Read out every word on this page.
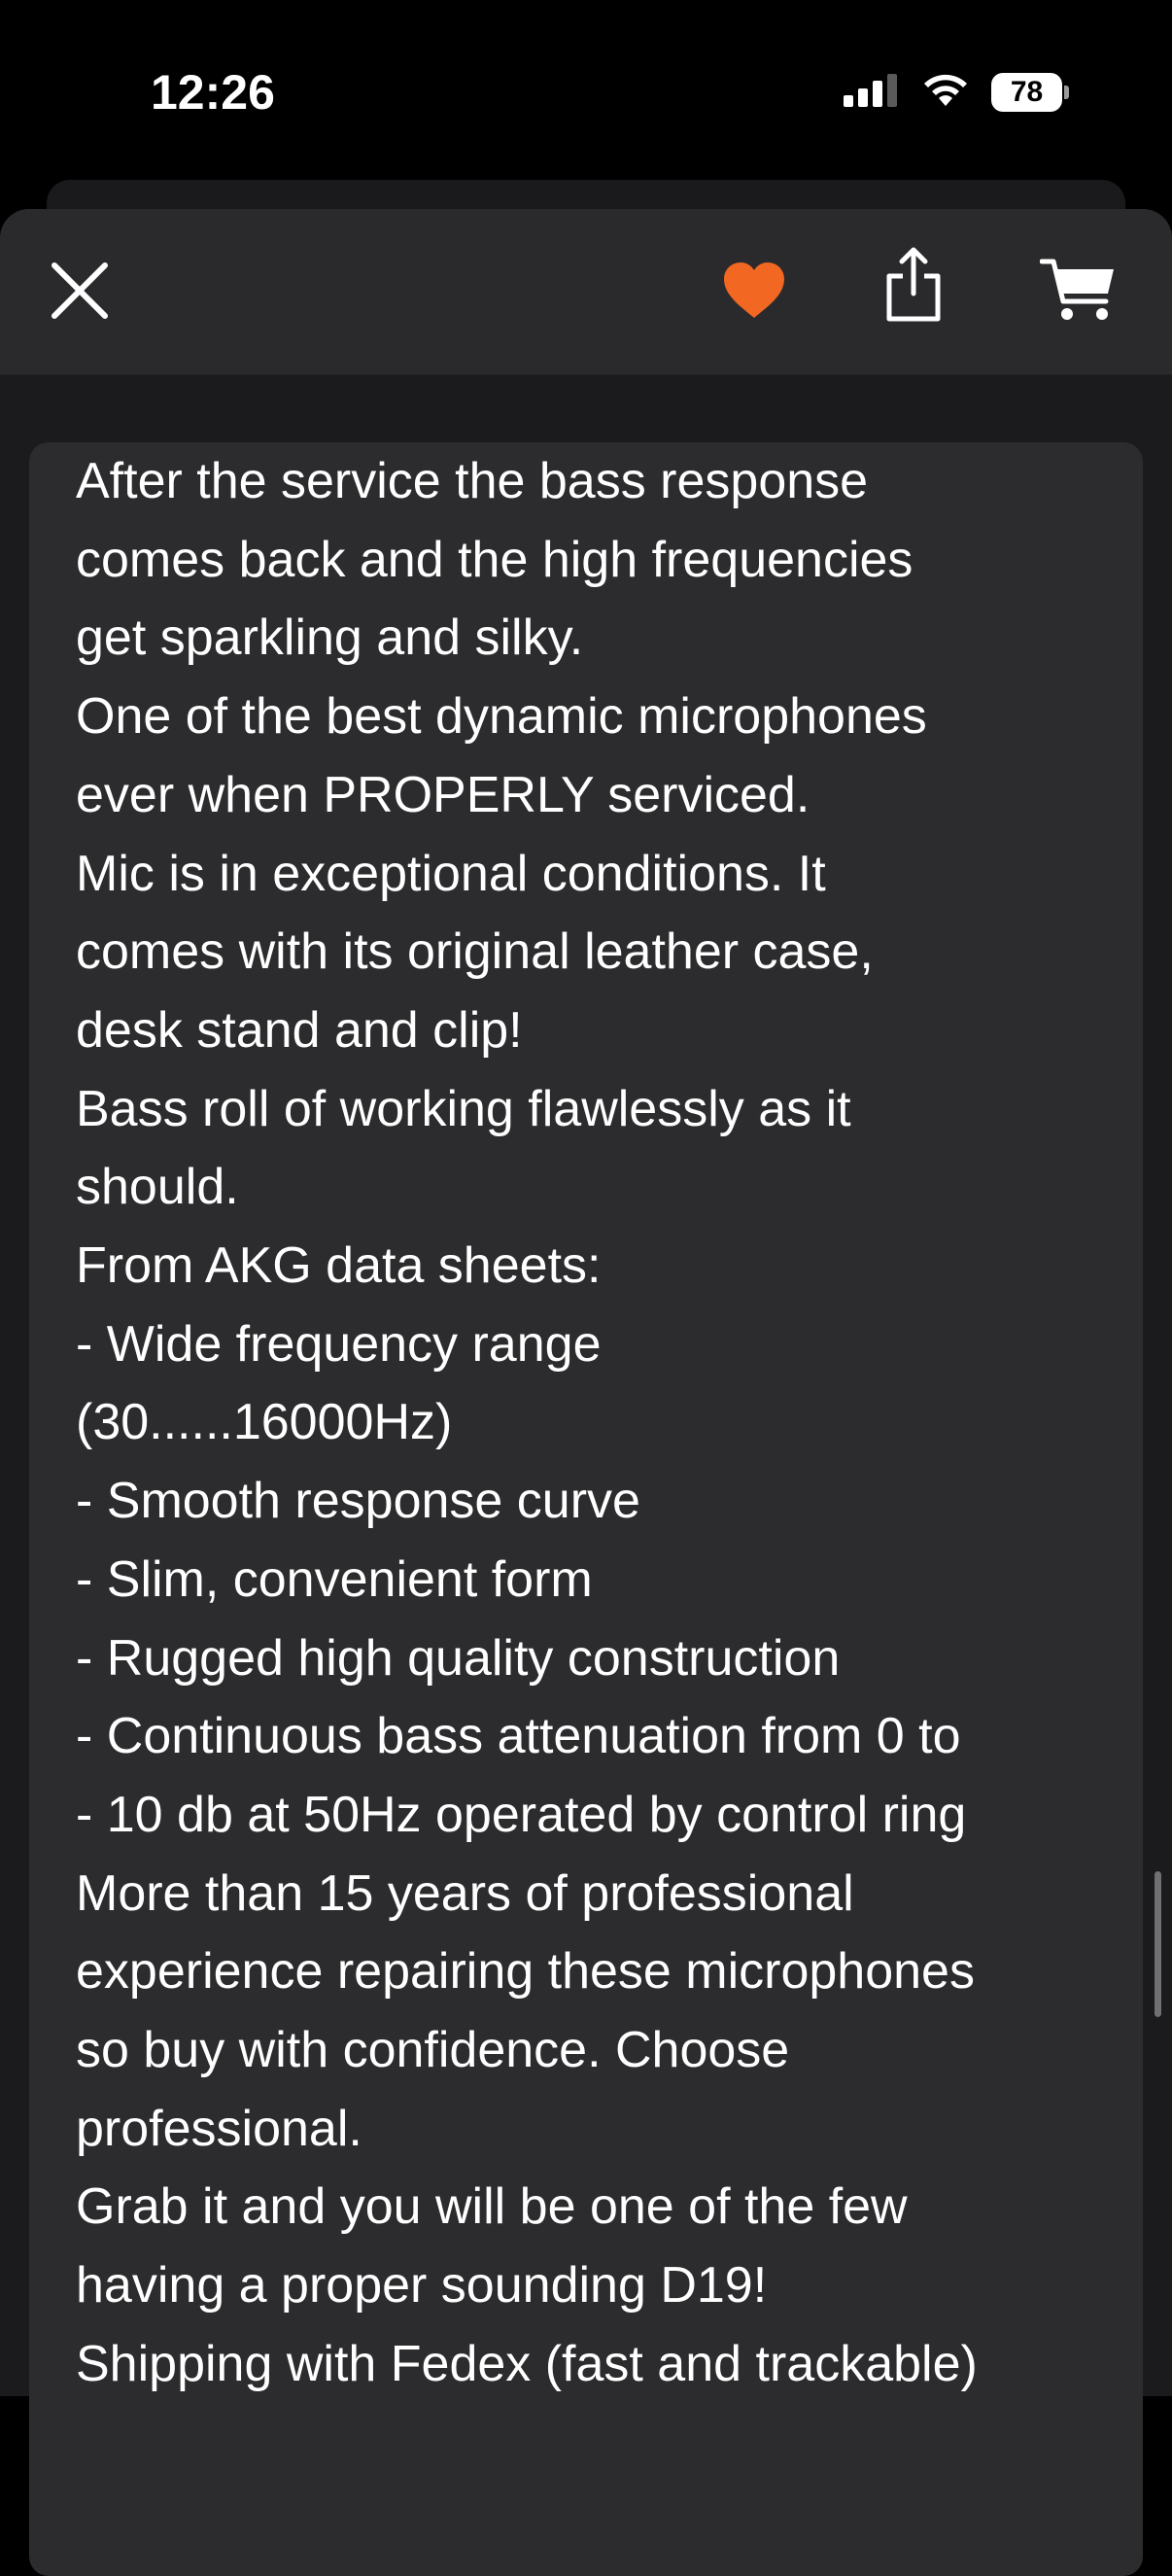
12:26	78
After the service the bass response
comes back and the high frequencies
get sparkling and silky.
One of the best dynamic microphones
ever when PROPERLY serviced.
Mic is in exceptional conditions. It
comes with its original leather case,
desk stand and clip!
Bass roll of working flawlessly as it
should.
From AKG data sheets:
- Wide frequency range
(30......16000Hz)
- Smooth response curve
- Slim, convenient form
- Rugged high quality construction
- Continuous bass attenuation from 0 to
- 10 db at 50Hz operated by control ring
More than 15 years of professional
experience repairing these microphones
so buy with confidence. Choose
professional.
Grab it and you will be one of the few
having a proper sounding D19!
Shipping with Fedex (fast and trackable)
